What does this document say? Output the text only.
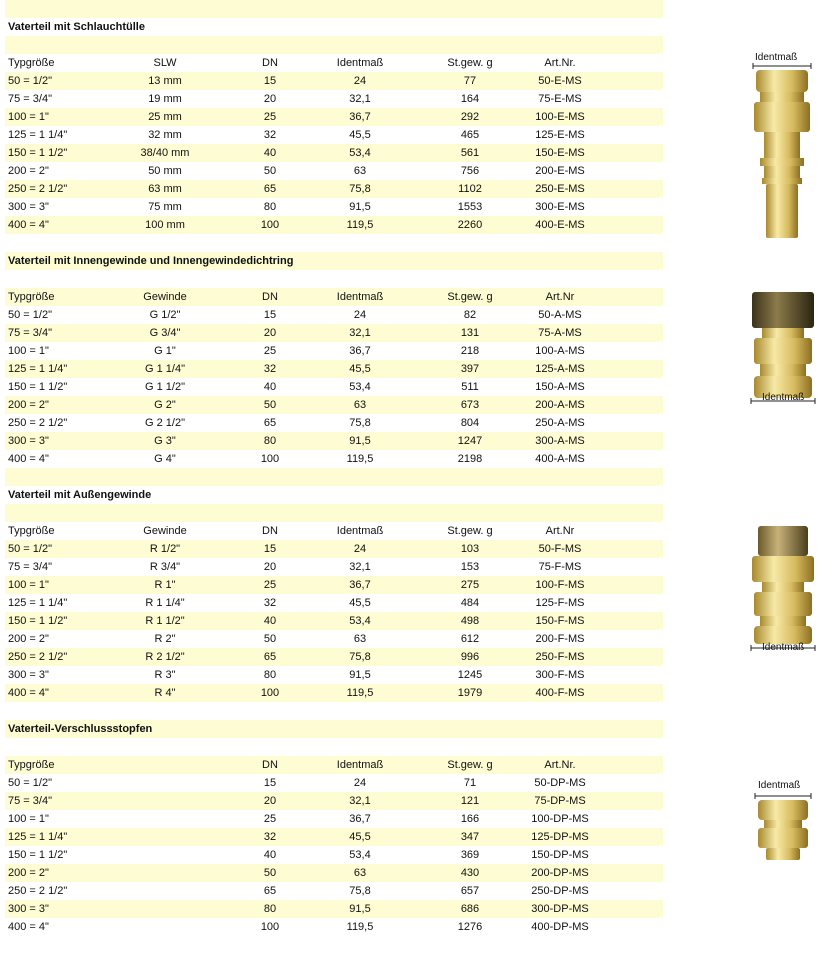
Vaterteil mit Schlauchtülle
Typgröße	SLW	DN	Identmaß	St.gew. g	Art.Nr.
50 = 1/2"	13 mm	15	24	77	50-E-MS
75 = 3/4"	19 mm	20	32,1	164	75-E-MS
100 = 1"	25 mm	25	36,7	292	100-E-MS
125 = 1 1/4"	32 mm	32	45,5	465	125-E-MS
150 = 1 1/2"	38/40 mm	40	53,4	561	150-E-MS
200 = 2"	50 mm	50	63	756	200-E-MS
250 = 2 1/2"	63 mm	65	75,8	1102	250-E-MS
300 = 3"	75 mm	80	91,5	1553	300-E-MS
400 = 4"	100 mm	100	119,5	2260	400-E-MS
Vaterteil mit Innengewinde und Innengewindedichtring
Typgröße	Gewinde	DN	Identmaß	St.gew. g	Art.Nr
50 = 1/2"	G 1/2"	15	24	82	50-A-MS
75 = 3/4"	G 3/4"	20	32,1	131	75-A-MS
100 = 1"	G 1"	25	36,7	218	100-A-MS
125 = 1 1/4"	G 1 1/4"	32	45,5	397	125-A-MS
150 = 1 1/2"	G 1 1/2"	40	53,4	511	150-A-MS
200 = 2"	G 2"	50	63	673	200-A-MS
250 = 2 1/2"	G 2 1/2"	65	75,8	804	250-A-MS
300 = 3"	G 3"	80	91,5	1247	300-A-MS
400 = 4"	G 4"	100	119,5	2198	400-A-MS
Vaterteil mit Außengewinde
Typgröße	Gewinde	DN	Identmaß	St.gew. g	Art.Nr
50 = 1/2"	R 1/2"	15	24	103	50-F-MS
75 = 3/4"	R 3/4"	20	32,1	153	75-F-MS
100 = 1"	R 1"	25	36,7	275	100-F-MS
125 = 1 1/4"	R 1 1/4"	32	45,5	484	125-F-MS
150 = 1 1/2"	R 1 1/2"	40	53,4	498	150-F-MS
200 = 2"	R 2"	50	63	612	200-F-MS
250 = 2 1/2"	R 2 1/2"	65	75,8	996	250-F-MS
300 = 3"	R 3"	80	91,5	1245	300-F-MS
400 = 4"	R 4"	100	119,5	1979	400-F-MS
Vaterteil-Verschlussstopfen
Typgröße	DN	Identmaß	St.gew. g	Art.Nr.
50 = 1/2"	15	24	71	50-DP-MS
75 = 3/4"	20	32,1	121	75-DP-MS
100 = 1"	25	36,7	166	100-DP-MS
125 = 1 1/4"	32	45,5	347	125-DP-MS
150 = 1 1/2"	40	53,4	369	150-DP-MS
200 = 2"	50	63	430	200-DP-MS
250 = 2 1/2"	65	75,8	657	250-DP-MS
300 = 3"	80	91,5	686	300-DP-MS
400 = 4"	100	119,5	1276	400-DP-MS
Identmaß
Identmaß
Identmaß
Identmaß
